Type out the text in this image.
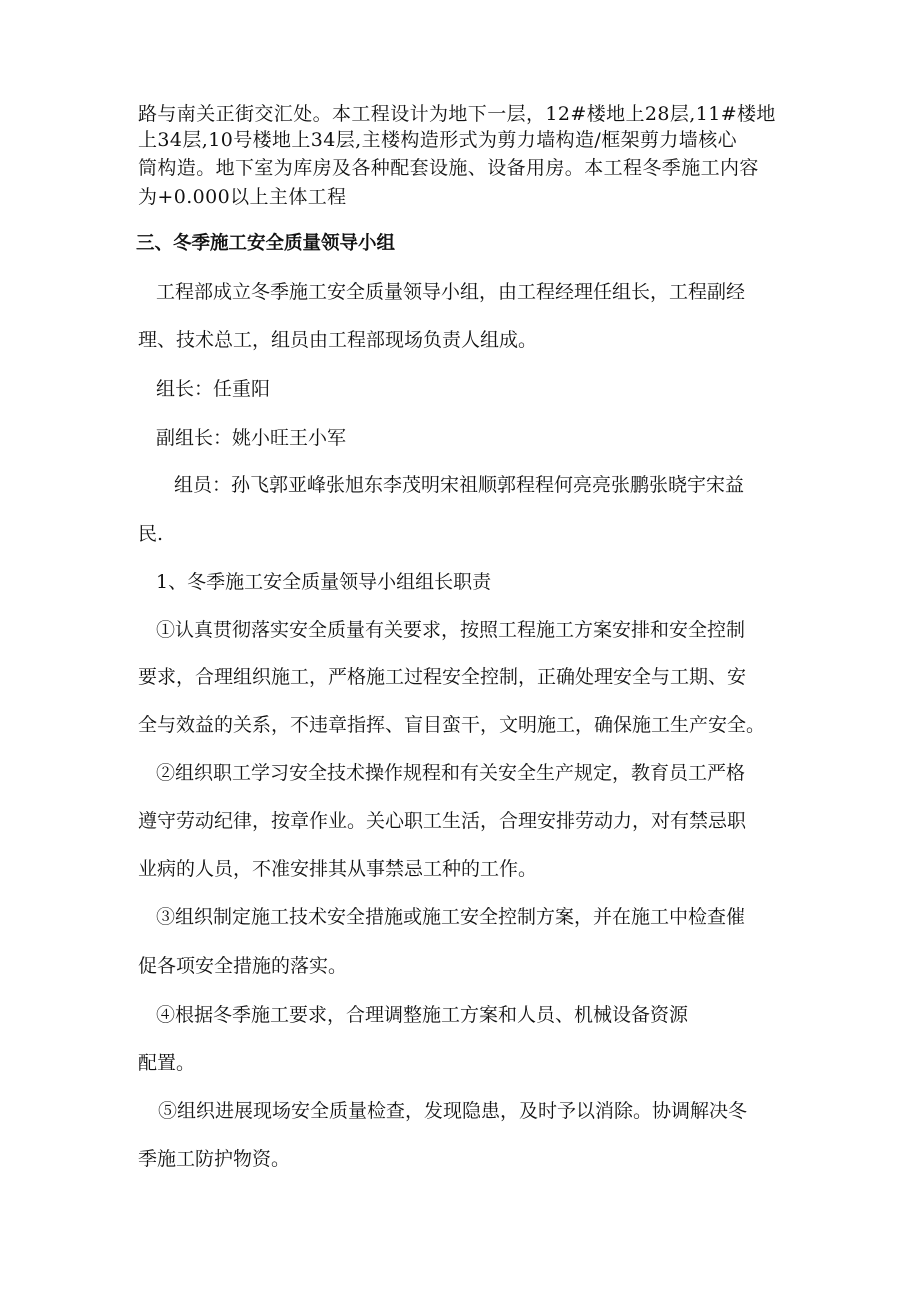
路与南关正街交汇处。本工程设计为地下一层，12#楼地上28层,11#楼地

上34层,10号楼地上34层,主楼构造形式为剪力墙构造/框架剪力墙核心

筒构造。地下室为库房及各种配套设施、设备用房。本工程冬季施工内容

为+0.000以上主体工程

三、冬季施工安全质量领导小组

工程部成立冬季施工安全质量领导小组，由工程经理任组长，工程副经

理、技术总工，组员由工程部现场负责人组成。

组长：任重阳

副组长：姚小旺王小军

组员：孙飞郭亚峰张旭东李茂明宋祖顺郭程程何亮亮张鹏张晓宇宋益

民.

1、冬季施工安全质量领导小组组长职责

①认真贯彻落实安全质量有关要求，按照工程施工方案安排和安全控制

要求，合理组织施工，严格施工过程安全控制，正确处理安全与工期、安

全与效益的关系，不违章指挥、盲目蛮干，文明施工，确保施工生产安全。

②组织职工学习安全技术操作规程和有关安全生产规定，教育员工严格

遵守劳动纪律，按章作业。关心职工生活，合理安排劳动力，对有禁忌职

业病的人员，不准安排其从事禁忌工种的工作。

③组织制定施工技术安全措施或施工安全控制方案，并在施工中检查催

促各项安全措施的落实。

④根据冬季施工要求，合理调整施工方案和人员、机械设备资源

配置。

⑤组织进展现场安全质量检查，发现隐患，及时予以消除。协调解决冬

季施工防护物资。
